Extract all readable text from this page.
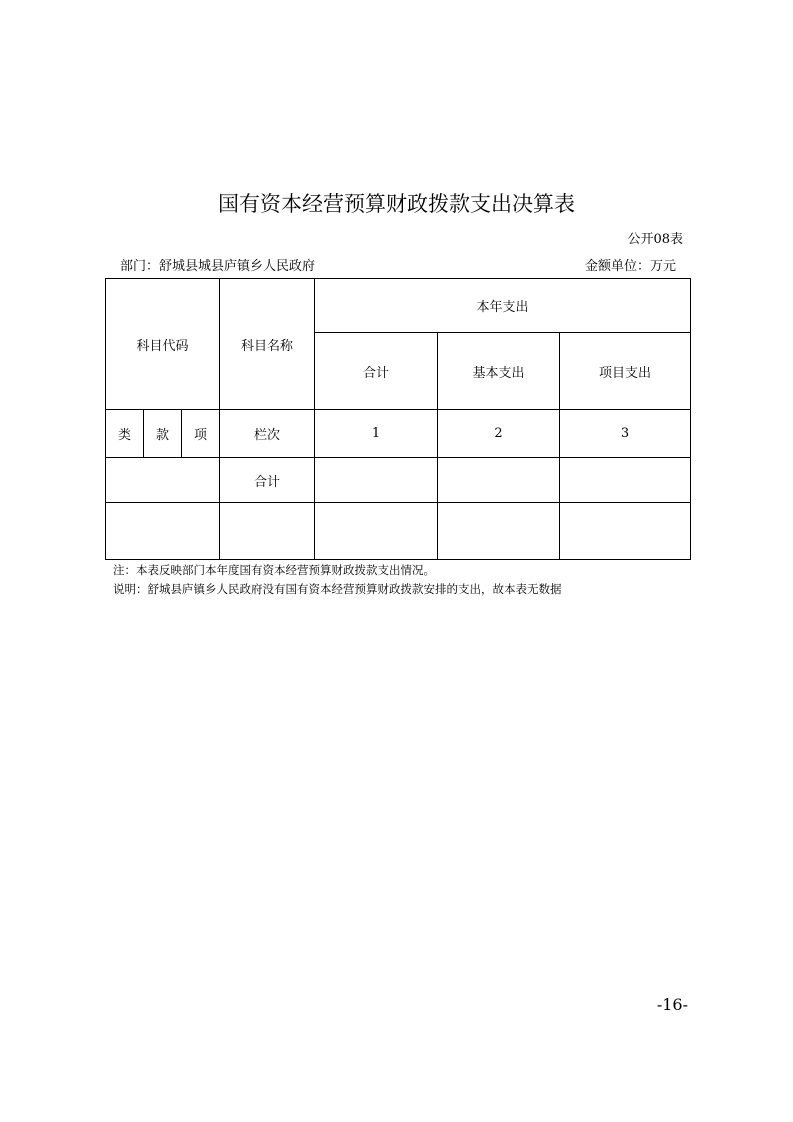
国有资本经营预算财政拨款支出决算表
公开08表
部门：舒城县城县庐镇乡人民政府	金额单位：万元
科目代码			科目名称	本年支出		
				合计	基本支出	项目支出
类	款	项	栏次	1	2	3
			合计			

注：本表反映部门本年度国有资本经营预算财政拨款支出情况。
说明：舒城县庐镇乡人民政府没有国有资本经营预算财政拨款安排的支出，故本表无数据
-16-
